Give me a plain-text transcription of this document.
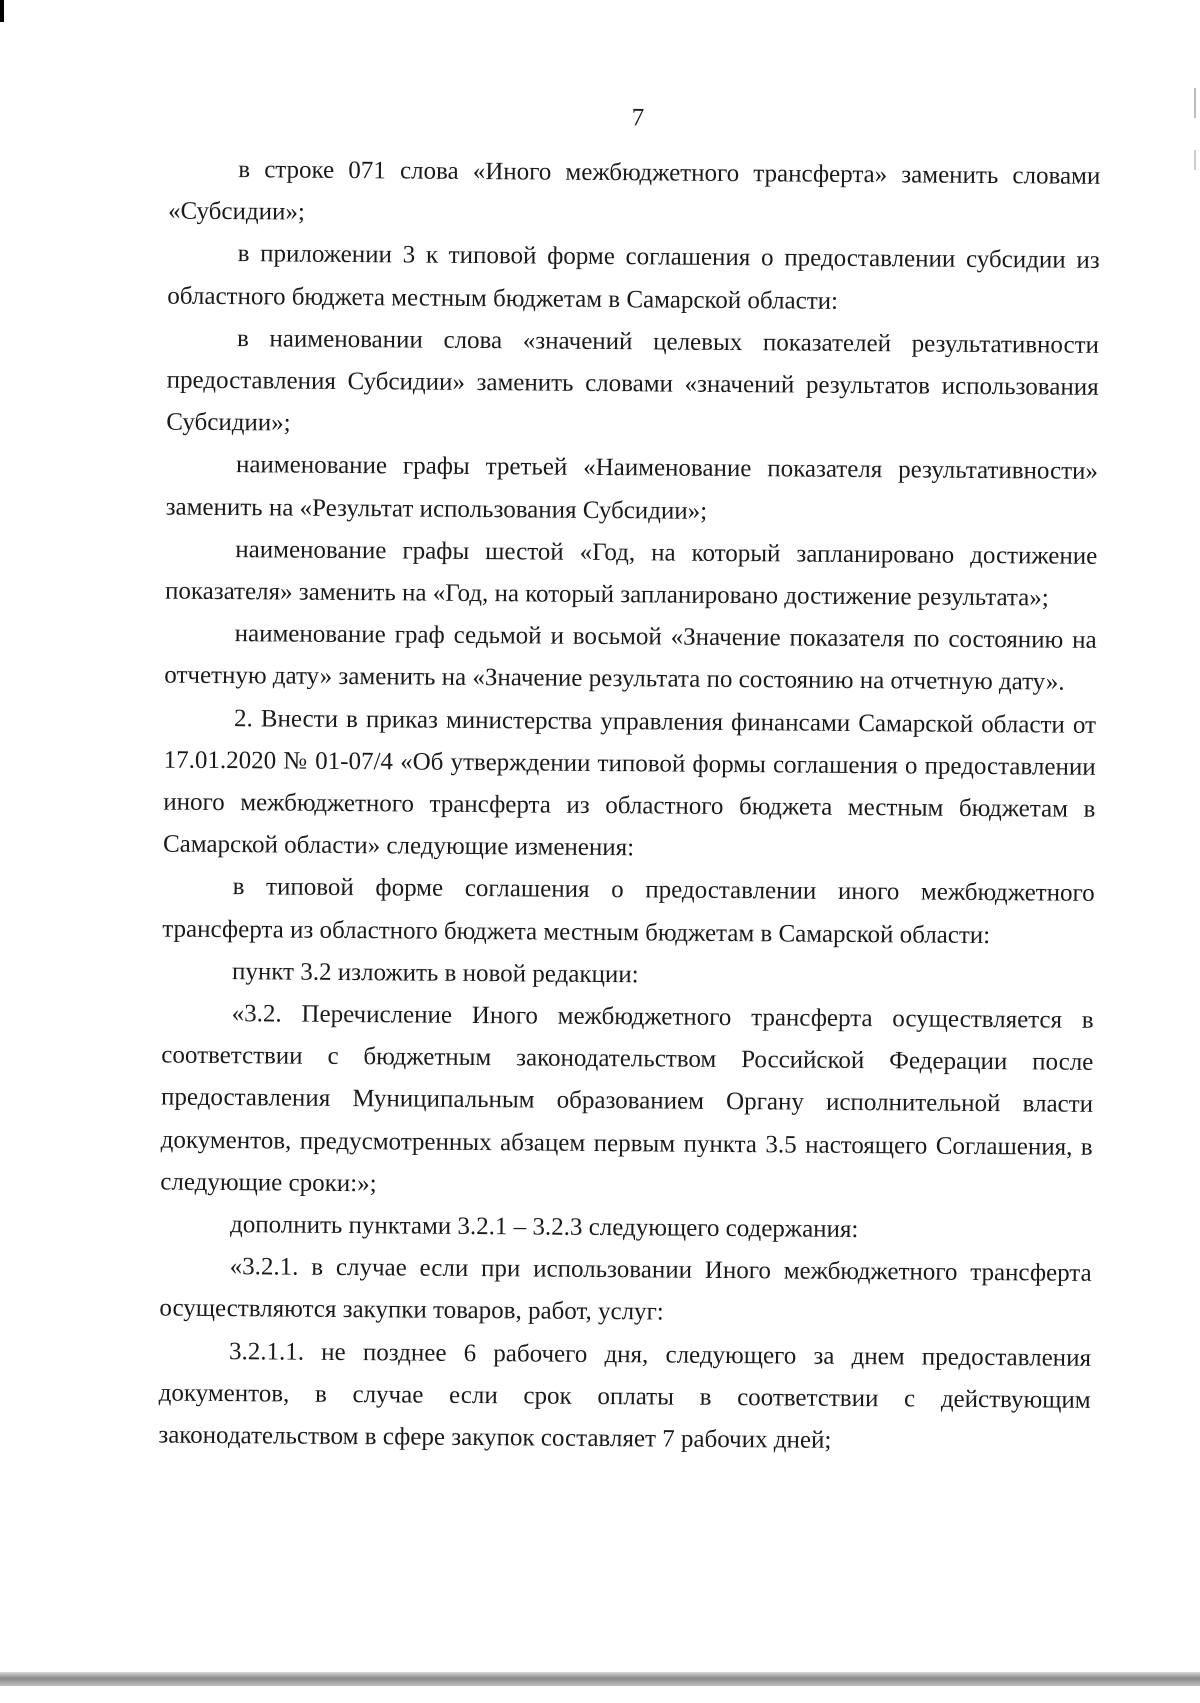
7

в строке 071 слова «Иного межбюджетного трансферта» заменить словами «Субсидии»;

в приложении 3 к типовой форме соглашения о предоставлении субсидии из областного бюджета местным бюджетам в Самарской области:

в наименовании слова «значений целевых показателей результативности предоставления Субсидии» заменить словами «значений результатов использования Субсидии»;

наименование графы третьей «Наименование показателя результативности» заменить на «Результат использования Субсидии»;

наименование графы шестой «Год, на который запланировано достижение показателя» заменить на «Год, на который запланировано достижение результата»;

наименование граф седьмой и восьмой «Значение показателя по состоянию на отчетную дату» заменить на «Значение результата по состоянию на отчетную дату».

2. Внести в приказ министерства управления финансами Самарской области от 17.01.2020 № 01-07/4 «Об утверждении типовой формы соглашения о предоставлении иного межбюджетного трансферта из областного бюджета местным бюджетам в Самарской области» следующие изменения:

в типовой форме соглашения о предоставлении иного межбюджетного трансферта из областного бюджета местным бюджетам в Самарской области:

пункт 3.2 изложить в новой редакции:

«3.2. Перечисление Иного межбюджетного трансферта осуществляется в соответствии с бюджетным законодательством Российской Федерации после предоставления Муниципальным образованием Органу исполнительной власти документов, предусмотренных абзацем первым пункта 3.5 настоящего Соглашения, в следующие сроки:»;

дополнить пунктами 3.2.1 – 3.2.3 следующего содержания:

«3.2.1. в случае если при использовании Иного межбюджетного трансферта осуществляются закупки товаров, работ, услуг:

3.2.1.1. не позднее 6 рабочего дня, следующего за днем предоставления документов, в случае если срок оплаты в соответствии с действующим законодательством в сфере закупок составляет 7 рабочих дней;
